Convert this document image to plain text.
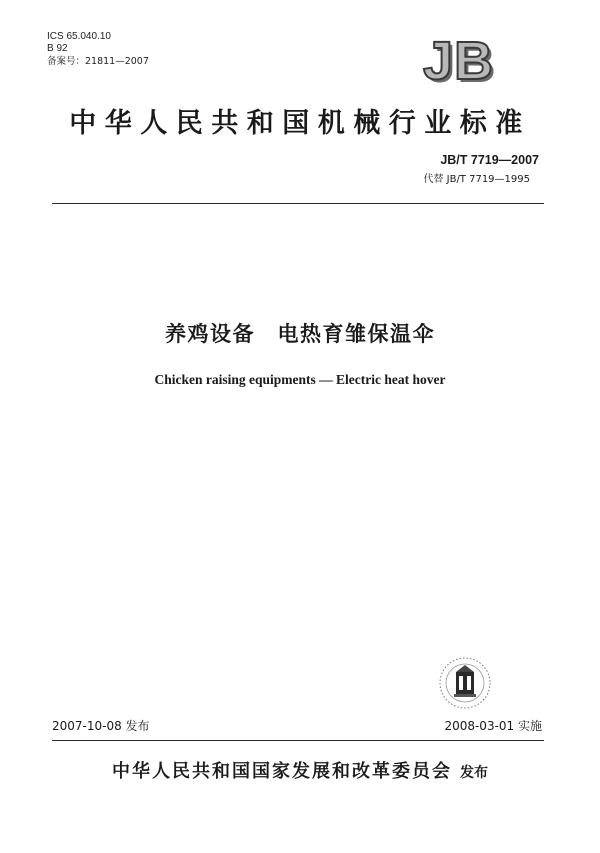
ICS 65.040.10
B 92
备案号：21811—2007	JB
中华人民共和国机械行业标准
JB/T 7719—2007
代替 JB/T 7719—1995
养鸡设备　电热育雏保温伞
Chicken raising equipments — Electric heat hover
2007-10-08 发布	2008-03-01 实施
中华人民共和国国家发展和改革委员会 发布
